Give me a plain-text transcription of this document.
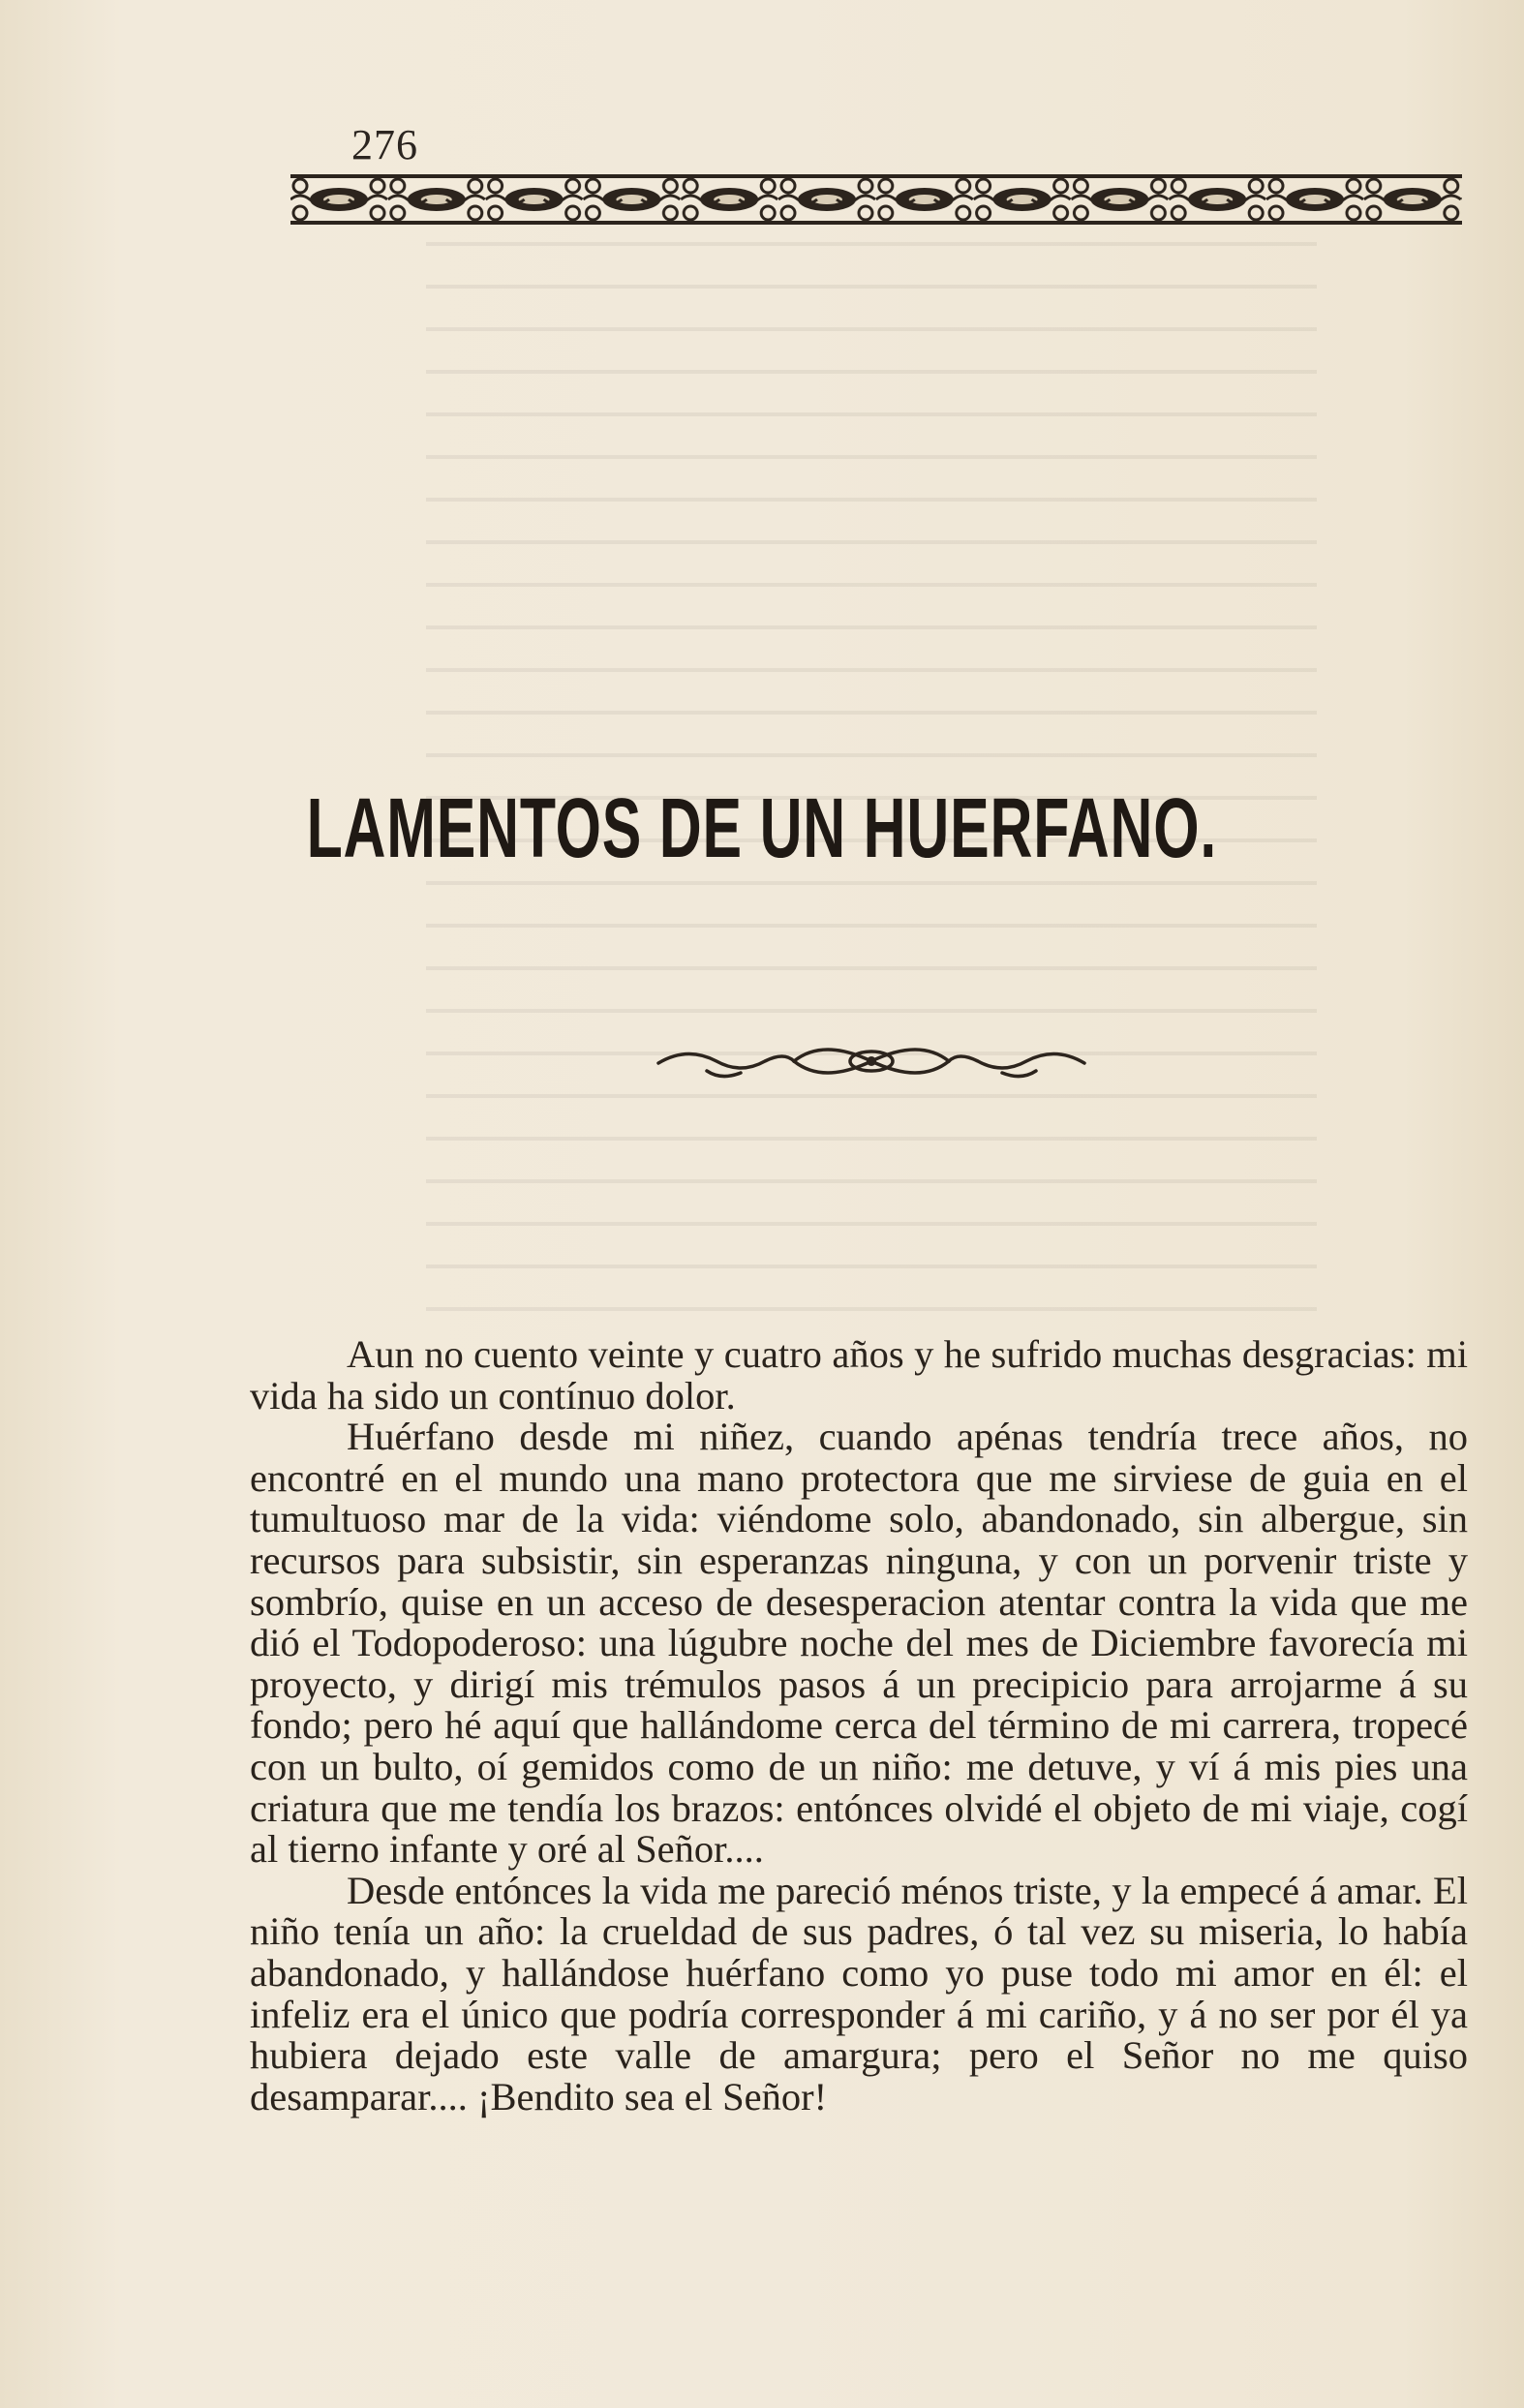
276
LAMENTOS DE UN HUERFANO.

Aun no cuento veinte y cuatro años y he sufrido muchas desgracias: mi vida ha sido un contínuo dolor.

Huérfano desde mi niñez, cuando apénas tendría trece años, no encontré en el mundo una mano protectora que me sirviese de guia en el tumultuoso mar de la vida: viéndome solo, abandonado, sin albergue, sin recursos para subsistir, sin esperanzas ninguna, y con un porvenir triste y sombrío, quise en un acceso de desesperacion atentar contra la vida que me dió el Todopoderoso: una lúgubre noche del mes de Diciembre favorecía mi proyecto, y dirigí mis trémulos pasos á un precipicio para arrojarme á su fondo; pero hé aquí que hallándome cerca del término de mi carrera, tropecé con un bulto, oí gemidos como de un niño: me detuve, y ví á mis pies una criatura que me tendía los brazos: entónces olvidé el objeto de mi viaje, cogí al tierno infante y oré al Señor....

Desde entónces la vida me pareció ménos triste, y la empecé á amar. El niño tenía un año: la crueldad de sus padres, ó tal vez su miseria, lo había abandonado, y hallándose huérfano como yo puse todo mi amor en él: el infeliz era el único que podría corresponder á mi cariño, y á no ser por él ya hubiera dejado este valle de amargura; pero el Señor no me quiso desamparar.... ¡Bendito sea el Señor!
